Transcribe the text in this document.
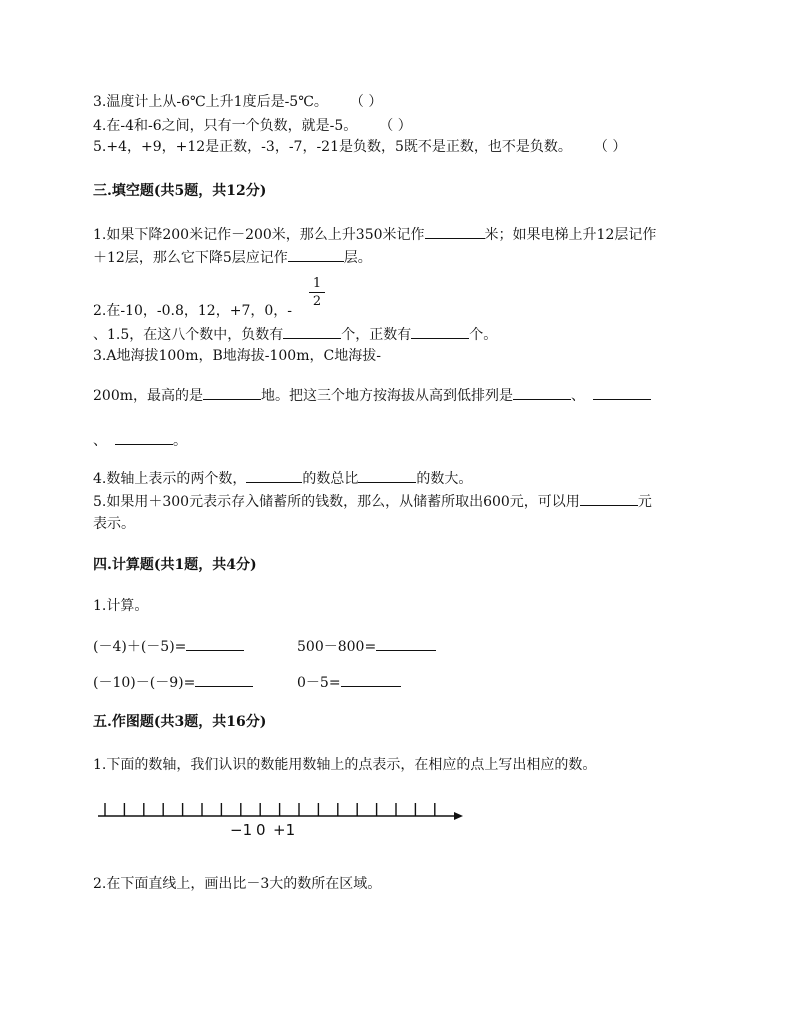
3.温度计上从-6℃上升1度后是-5℃。 （ ）
4.在-4和-6之间，只有一个负数，就是-5。 （ ）
5.+4，+9，+12是正数，-3，-7，-21是负数，5既不是正数，也不是负数。 （ ）
三.填空题(共5题，共12分)
1.如果下降200米记作－200米，那么上升350米记作	米；如果电梯上升12层记作
＋12层，那么它下降5层应记作	层。
1
2
2.在-10，-0.8，12，+7，0，-
、1.5，在这八个数中，负数有	个，正数有	个。
3.A地海拔100m，B地海拔-100m，C地海拔-
200m，最高的是	地。把这三个地方按海拔从高到低排列是	、
、	。
4.数轴上表示的两个数，	的数总比	的数大。
5.如果用＋300元表示存入储蓄所的钱数，那么，从储蓄所取出600元，可以用	元
表示。
四.计算题(共1题，共4分)
1.计算。
(－4)＋(－5)=	500－800=
(－10)－(－9)=	0－5=
五.作图题(共3题，共16分)
1.下面的数轴，我们认识的数能用数轴上的点表示，在相应的点上写出相应的数。
−1 0 +1
2.在下面直线上，画出比－3大的数所在区域。
